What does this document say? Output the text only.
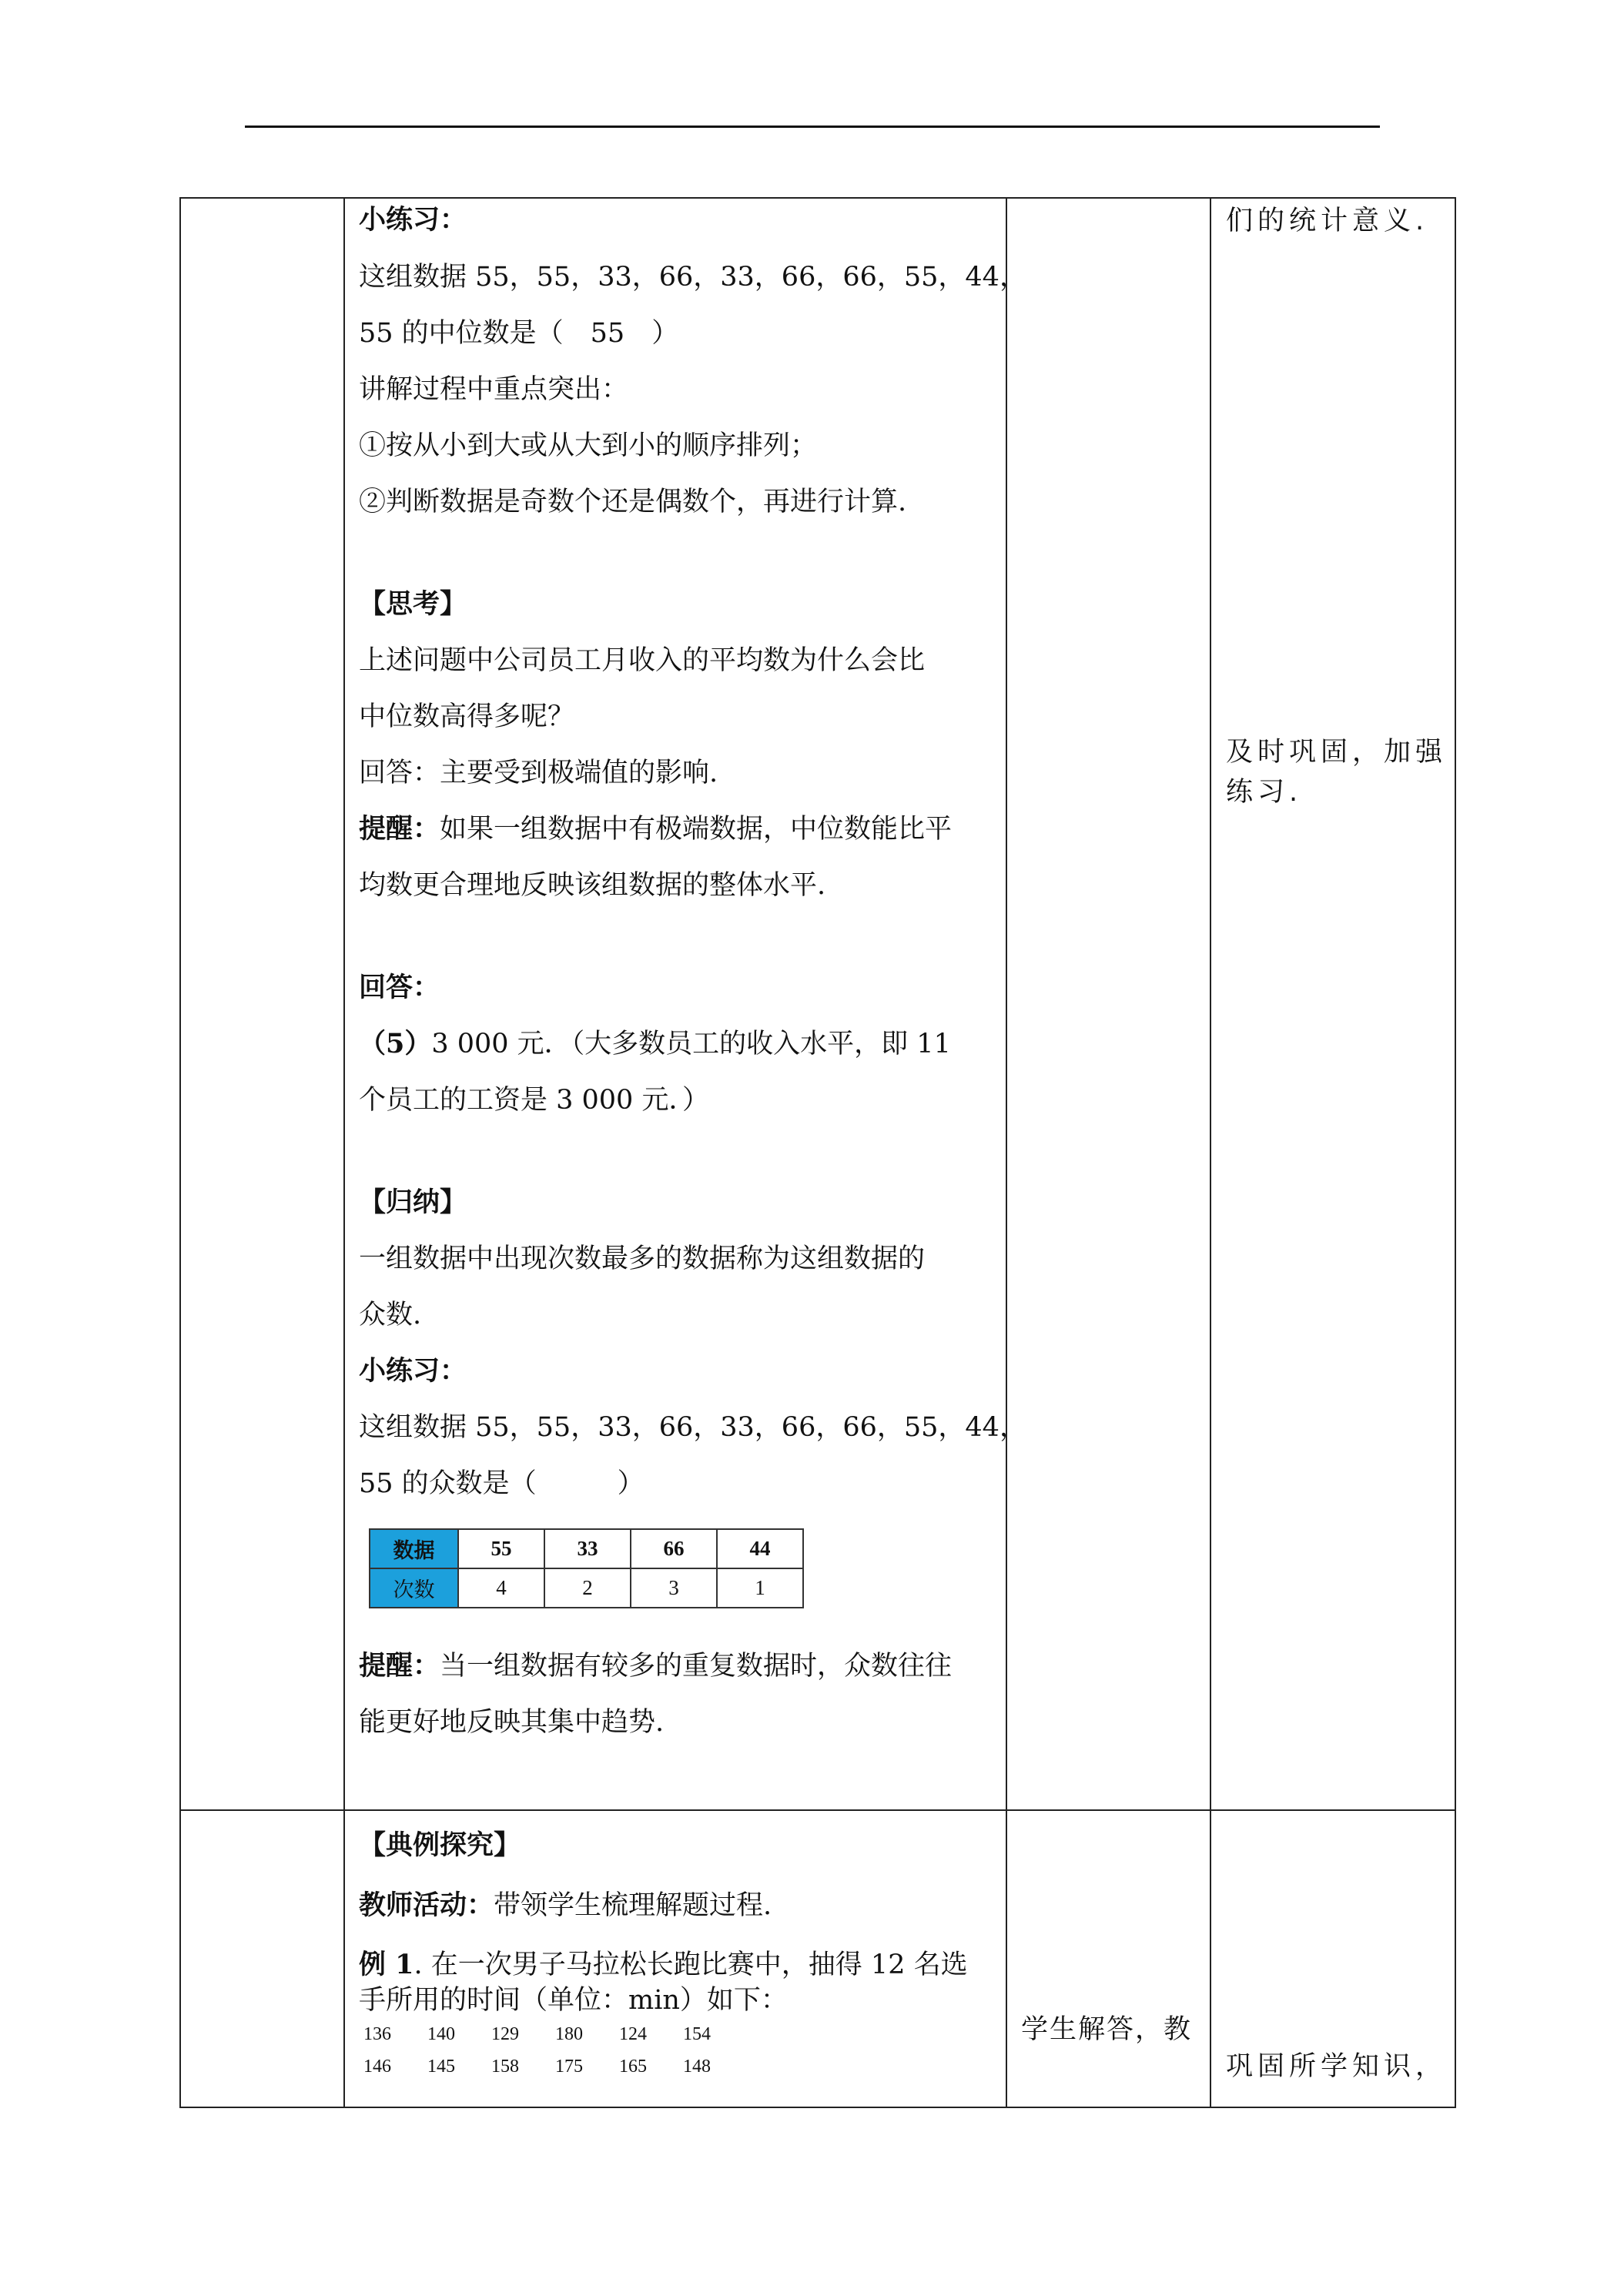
小练习：
这组数据 55，55，33，66，33，66，66，55，44，
55 的中位数是（　55　）
讲解过程中重点突出：
①按从小到大或从大到小的顺序排列；
②判断数据是奇数个还是偶数个，再进行计算.
【思考】
上述问题中公司员工月收入的平均数为什么会比
中位数高得多呢？
回答：主要受到极端值的影响.
提醒：如果一组数据中有极端数据，中位数能比平
均数更合理地反映该组数据的整体水平.
回答：
（5）3 000 元．（大多数员工的收入水平，即 11
个员工的工资是 3 000 元．）
【归纳】
一组数据中出现次数最多的数据称为这组数据的
众数.
小练习：
这组数据 55，55，33，66，33，66，66，55，44，
55 的众数是（　　　）
数据	55	33	66	44
次数	4	2	3	1
提醒：当一组数据有较多的重复数据时，众数往往
能更好地反映其集中趋势.
们的统计意义.
及时巩固，加强
练习.
【典例探究】
教师活动：带领学生梳理解题过程.
例 1. 在一次男子马拉松长跑比赛中，抽得 12 名选
手所用的时间（单位：min）如下：
136 140 129 180 124 154
146 145 158 175 165 148
学生解答，教
巩固所学知识，
